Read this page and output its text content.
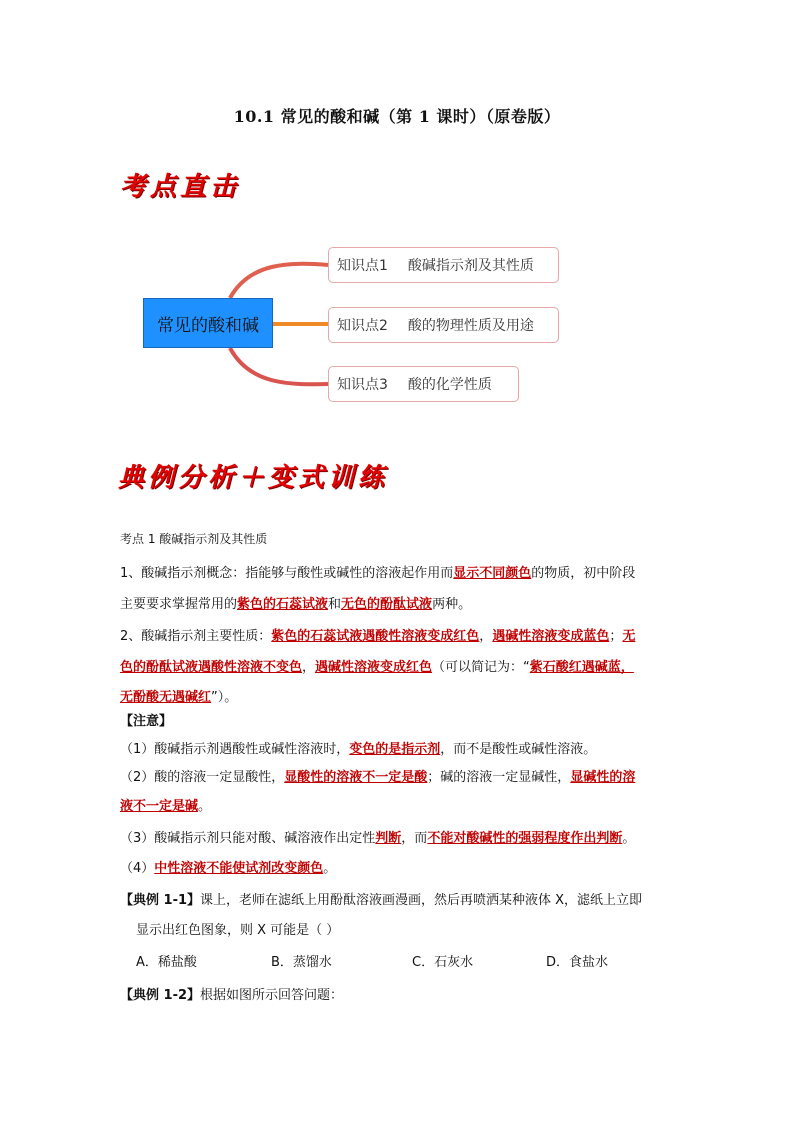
10.1 常见的酸和碱（第 1 课时）（原卷版）
考点直击
常见的酸和碱
知识点1 酸碱指示剂及其性质
知识点2 酸的物理性质及用途
知识点3 酸的化学性质
典例分析＋变式训练
考点 1 酸碱指示剂及其性质
1、酸碱指示剂概念：指能够与酸性或碱性的溶液起作用而显示不同颜色的物质，初中阶段
主要要求掌握常用的紫色的石蕊试液和无色的酚酞试液两种。
2、酸碱指示剂主要性质：紫色的石蕊试液遇酸性溶液变成红色，遇碱性溶液变成蓝色；无
色的酚酞试液遇酸性溶液不变色，遇碱性溶液变成红色（可以简记为：“紫石酸红遇碱蓝，
无酚酸无遇碱红”）。
【注意】
（1）酸碱指示剂遇酸性或碱性溶液时，变色的是指示剂，而不是酸性或碱性溶液。
（2）酸的溶液一定显酸性，显酸性的溶液不一定是酸；碱的溶液一定显碱性，显碱性的溶
液不一定是碱。
（3）酸碱指示剂只能对酸、碱溶液作出定性判断，而不能对酸碱性的强弱程度作出判断。
（4）中性溶液不能使试剂改变颜色。
【典例 1-1】课上，老师在滤纸上用酚酞溶液画漫画，然后再喷洒某种液体 X，滤纸上立即
显示出红色图象，则 X 可能是（ ）
A．稀盐酸	B．蒸馏水	C．石灰水	D．食盐水
【典例 1-2】根据如图所示回答问题：
